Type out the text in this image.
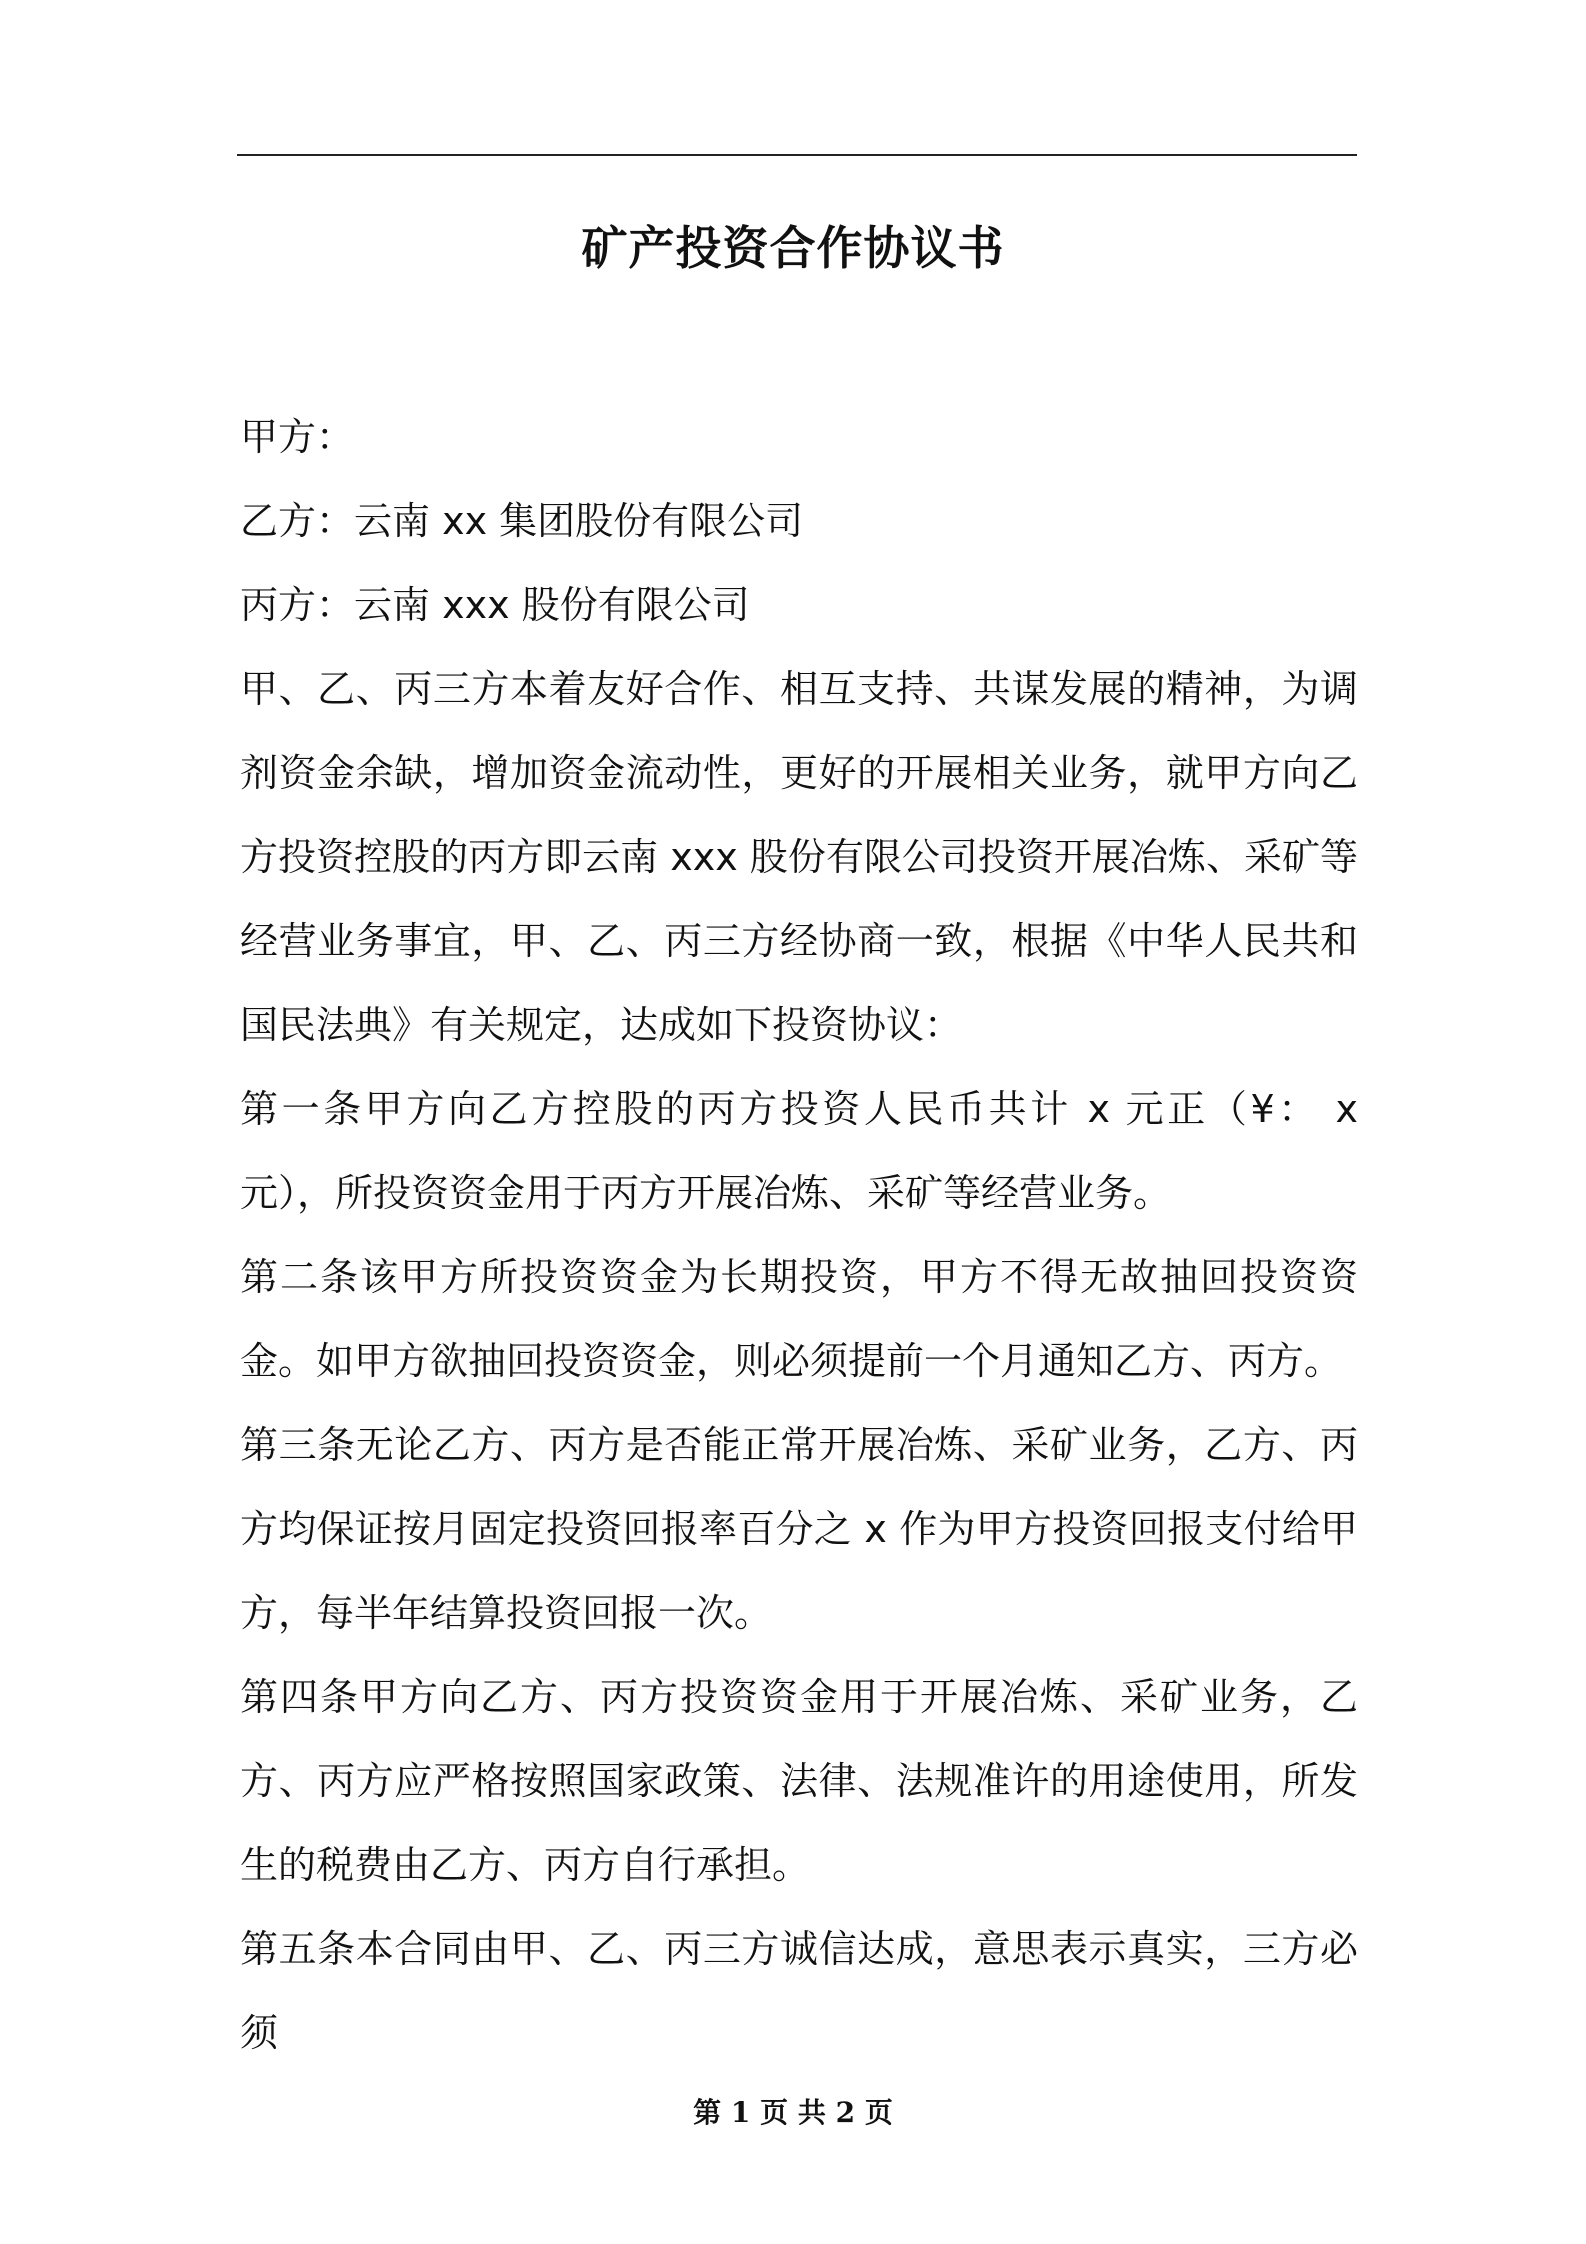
矿产投资合作协议书

甲方：

乙方：云南 xx 集团股份有限公司

丙方：云南 xxx 股份有限公司

甲、乙、丙三方本着友好合作、相互支持、共谋发展的精神，为调剂资金余缺，增加资金流动性，更好的开展相关业务，就甲方向乙方投资控股的丙方即云南 xxx 股份有限公司投资开展冶炼、采矿等经营业务事宜，甲、乙、丙三方经协商一致，根据《中华人民共和国民法典》有关规定，达成如下投资协议：

第一条甲方向乙方控股的丙方投资人民币共计 x 元正（¥： x 元），所投资资金用于丙方开展冶炼、采矿等经营业务。

第二条该甲方所投资资金为长期投资，甲方不得无故抽回投资资金。如甲方欲抽回投资资金，则必须提前一个月通知乙方、丙方。

第三条无论乙方、丙方是否能正常开展冶炼、采矿业务，乙方、丙方均保证按月固定投资回报率百分之 x 作为甲方投资回报支付给甲方，每半年结算投资回报一次。

第四条甲方向乙方、丙方投资资金用于开展冶炼、采矿业务，乙方、丙方应严格按照国家政策、法律、法规准许的用途使用，所发生的税费由乙方、丙方自行承担。

第五条本合同由甲、乙、丙三方诚信达成，意思表示真实，三方必须

第 1 页 共 2 页
